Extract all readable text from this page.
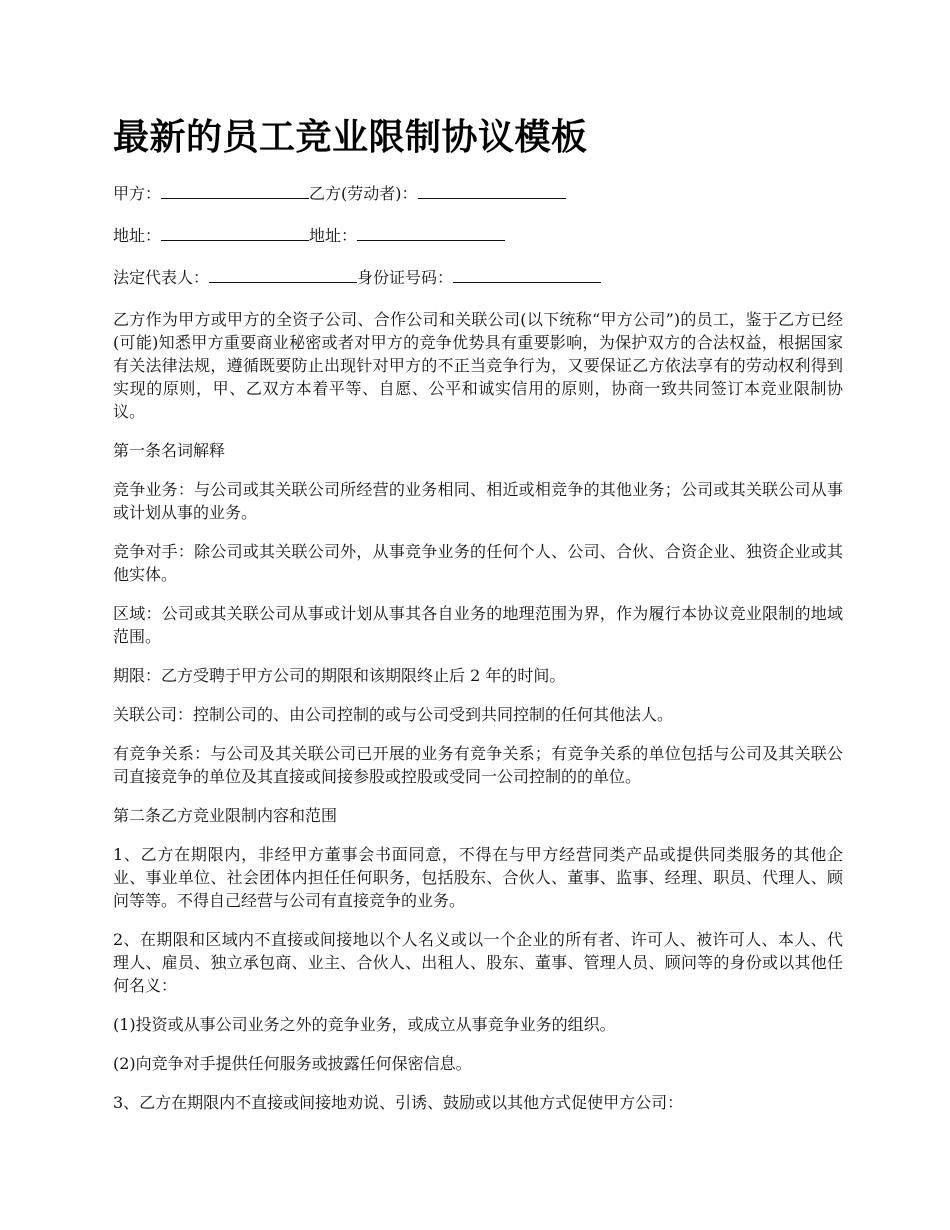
最新的员工竞业限制协议模板
甲方：	乙方(劳动者)：
地址：	地址：
法定代表人：	身份证号码：

乙方作为甲方或甲方的全资子公司、合作公司和关联公司(以下统称“甲方公司”)的员工，鉴于乙方已经(可能)知悉甲方重要商业秘密或者对甲方的竞争优势具有重要影响，为保护双方的合法权益，根据国家有关法律法规，遵循既要防止出现针对甲方的不正当竞争行为，又要保证乙方依法享有的劳动权利得到实现的原则，甲、乙双方本着平等、自愿、公平和诚实信用的原则，协商一致共同签订本竞业限制协议。

第一条名词解释

竞争业务：与公司或其关联公司所经营的业务相同、相近或相竞争的其他业务；公司或其关联公司从事或计划从事的业务。

竞争对手：除公司或其关联公司外，从事竞争业务的任何个人、公司、合伙、合资企业、独资企业或其他实体。

区域：公司或其关联公司从事或计划从事其各自业务的地理范围为界，作为履行本协议竞业限制的地域范围。

期限：乙方受聘于甲方公司的期限和该期限终止后 2 年的时间。

关联公司：控制公司的、由公司控制的或与公司受到共同控制的任何其他法人。

有竞争关系：与公司及其关联公司已开展的业务有竞争关系；有竞争关系的单位包括与公司及其关联公司直接竞争的单位及其直接或间接参股或控股或受同一公司控制的的单位。

第二条乙方竞业限制内容和范围

1、乙方在期限内，非经甲方董事会书面同意，不得在与甲方经营同类产品或提供同类服务的其他企业、事业单位、社会团体内担任任何职务，包括股东、合伙人、董事、监事、经理、职员、代理人、顾问等等。不得自己经营与公司有直接竞争的业务。

2、在期限和区域内不直接或间接地以个人名义或以一个企业的所有者、许可人、被许可人、本人、代理人、雇员、独立承包商、业主、合伙人、出租人、股东、董事、管理人员、顾问等的身份或以其他任何名义：

(1)投资或从事公司业务之外的竞争业务，或成立从事竞争业务的组织。

(2)向竞争对手提供任何服务或披露任何保密信息。

3、乙方在期限内不直接或间接地劝说、引诱、鼓励或以其他方式促使甲方公司：
